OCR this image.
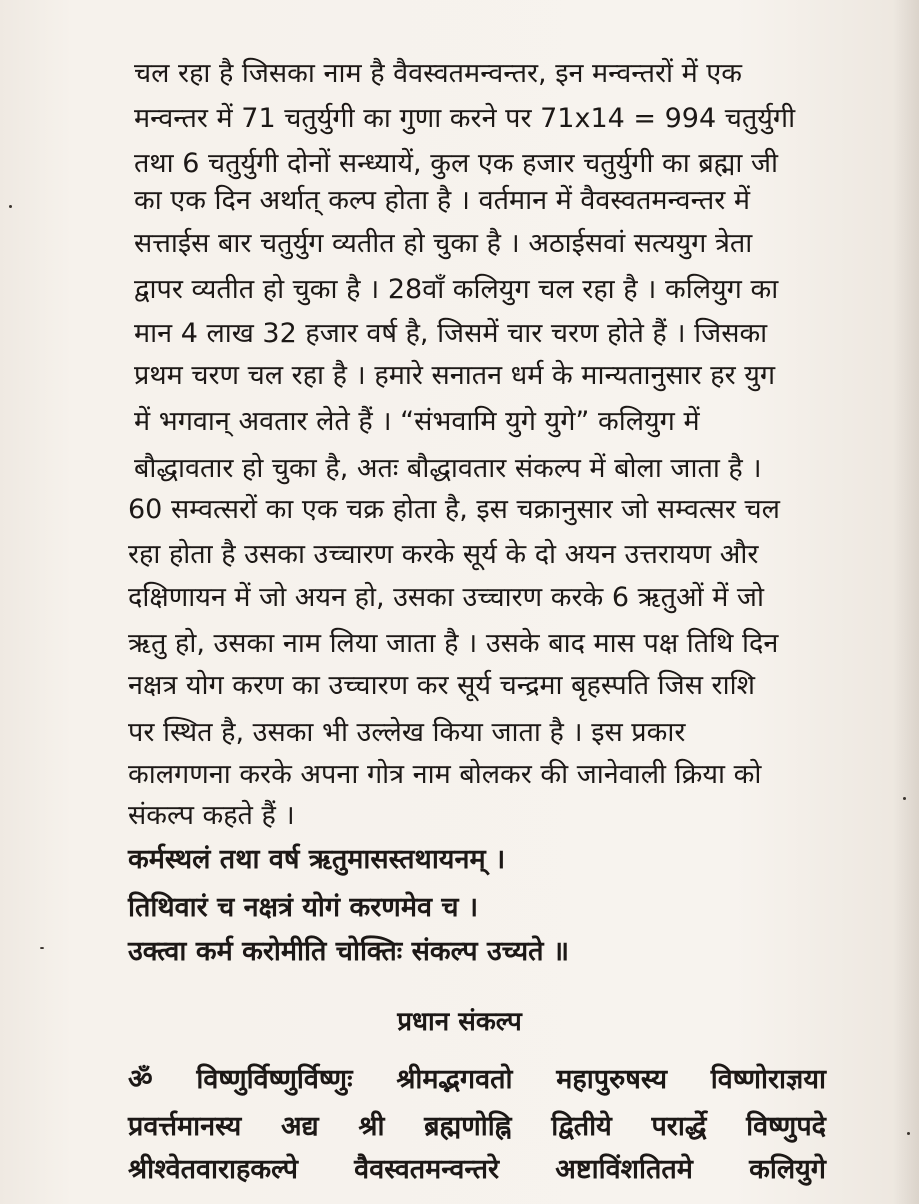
चल रहा है जिसका नाम है वैवस्वतमन्वन्तर, इन मन्वन्तरों में एक
मन्वन्तर में 71 चतुर्युगी का गुणा करने पर 71ⅹ14 = 994 चतुर्युगी
तथा 6 चतुर्युगी दोनों सन्ध्यायें, कुल एक हजार चतुर्युगी का ब्रह्मा जी
का एक दिन अर्थात् कल्प होता है । वर्तमान में वैवस्वतमन्वन्तर में
सत्ताईस बार चतुर्युग व्यतीत हो चुका है । अठाईसवां सत्ययुग त्रेता
द्वापर व्यतीत हो चुका है । 28वाँ कलियुग चल रहा है । कलियुग का
मान 4 लाख 32 हजार वर्ष है, जिसमें चार चरण होते हैं । जिसका
प्रथम चरण चल रहा है । हमारे सनातन धर्म के मान्यतानुसार हर युग
में भगवान् अवतार लेते हैं । “संभवामि युगे युगे” कलियुग में
बौद्धावतार हो चुका है, अतः बौद्धावतार संकल्प में बोला जाता है ।
60 सम्वत्सरों का एक चक्र होता है, इस चक्रानुसार जो सम्वत्सर चल
रहा होता है उसका उच्चारण करके सूर्य के दो अयन उत्तरायण और
दक्षिणायन में जो अयन हो, उसका उच्चारण करके 6 ऋतुओं में जो
ऋतु हो, उसका नाम लिया जाता है । उसके बाद मास पक्ष तिथि दिन
नक्षत्र योग करण का उच्चारण कर सूर्य चन्द्रमा बृहस्पति जिस राशि
पर स्थित है, उसका भी उल्लेख किया जाता है । इस प्रकार
कालगणना करके अपना गोत्र नाम बोलकर की जानेवाली क्रिया को
संकल्प कहते हैं ।
कर्मस्थलं तथा वर्ष ऋतुमासस्तथायनम् ।
तिथिवारं च नक्षत्रं योगं करणमेव च ।
उक्त्वा कर्म करोमीति चोक्तिः संकल्प उच्यते ॥
प्रधान संकल्प
ॐ विष्णुर्विष्णुर्विष्णुः श्रीमद्भगवतो महापुरुषस्य विष्णोराज्ञया
प्रवर्त्तमानस्य अद्य श्री ब्रह्मणोह्नि द्वितीये परार्द्धे विष्णुपदे
श्रीश्वेतवाराहकल्पे वैवस्वतमन्वन्तरे अष्टाविंशतितमे कलियुगे
